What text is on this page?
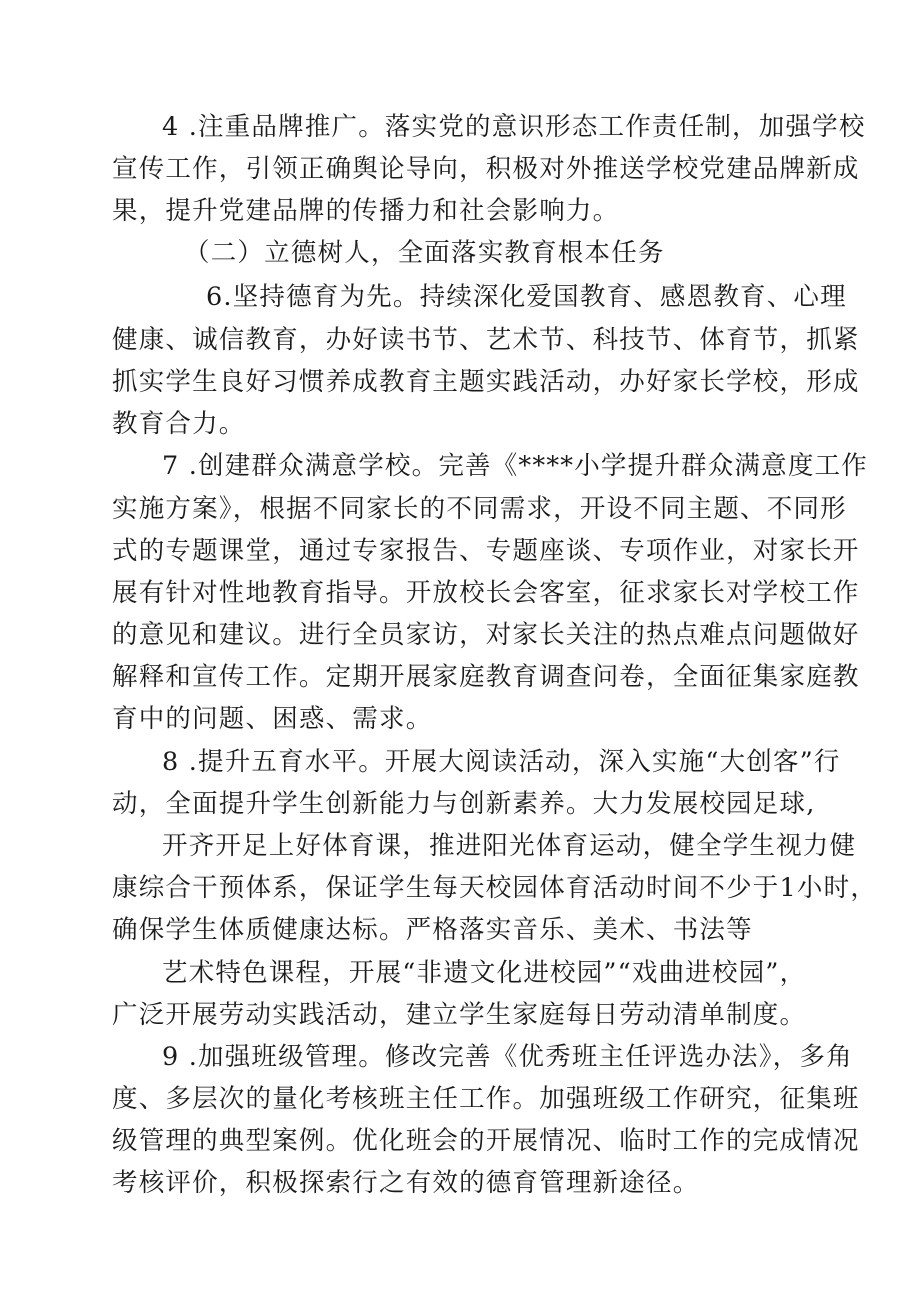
4 .注重品牌推广。落实党的意识形态工作责任制，加强学校
宣传工作，引领正确舆论导向，积极对外推送学校党建品牌新成
果，提升党建品牌的传播力和社会影响力。
（二）立德树人，全面落实教育根本任务
6.坚持德育为先。持续深化爱国教育、感恩教育、心理
健康、诚信教育，办好读书节、艺术节、科技节、体育节，抓紧
抓实学生良好习惯养成教育主题实践活动，办好家长学校，形成
教育合力。
7 .创建群众满意学校。完善《****小学提升群众满意度工作
实施方案》，根据不同家长的不同需求，开设不同主题、不同形
式的专题课堂，通过专家报告、专题座谈、专项作业，对家长开
展有针对性地教育指导。开放校长会客室，征求家长对学校工作
的意见和建议。进行全员家访，对家长关注的热点难点问题做好
解释和宣传工作。定期开展家庭教育调查问卷，全面征集家庭教
育中的问题、困惑、需求。
8 .提升五育水平。开展大阅读活动，深入实施“大创客”行
动，全面提升学生创新能力与创新素养。大力发展校园足球,
开齐开足上好体育课，推进阳光体育运动，健全学生视力健
康综合干预体系，保证学生每天校园体育活动时间不少于1小时，
确保学生体质健康达标。严格落实音乐、美术、书法等
艺术特色课程，开展“非遗文化进校园”“戏曲进校园”，
广泛开展劳动实践活动，建立学生家庭每日劳动清单制度。
9 .加强班级管理。修改完善《优秀班主任评选办法》，多角
度、多层次的量化考核班主任工作。加强班级工作研究，征集班
级管理的典型案例。优化班会的开展情况、临时工作的完成情况
考核评价，积极探索行之有效的德育管理新途径。
